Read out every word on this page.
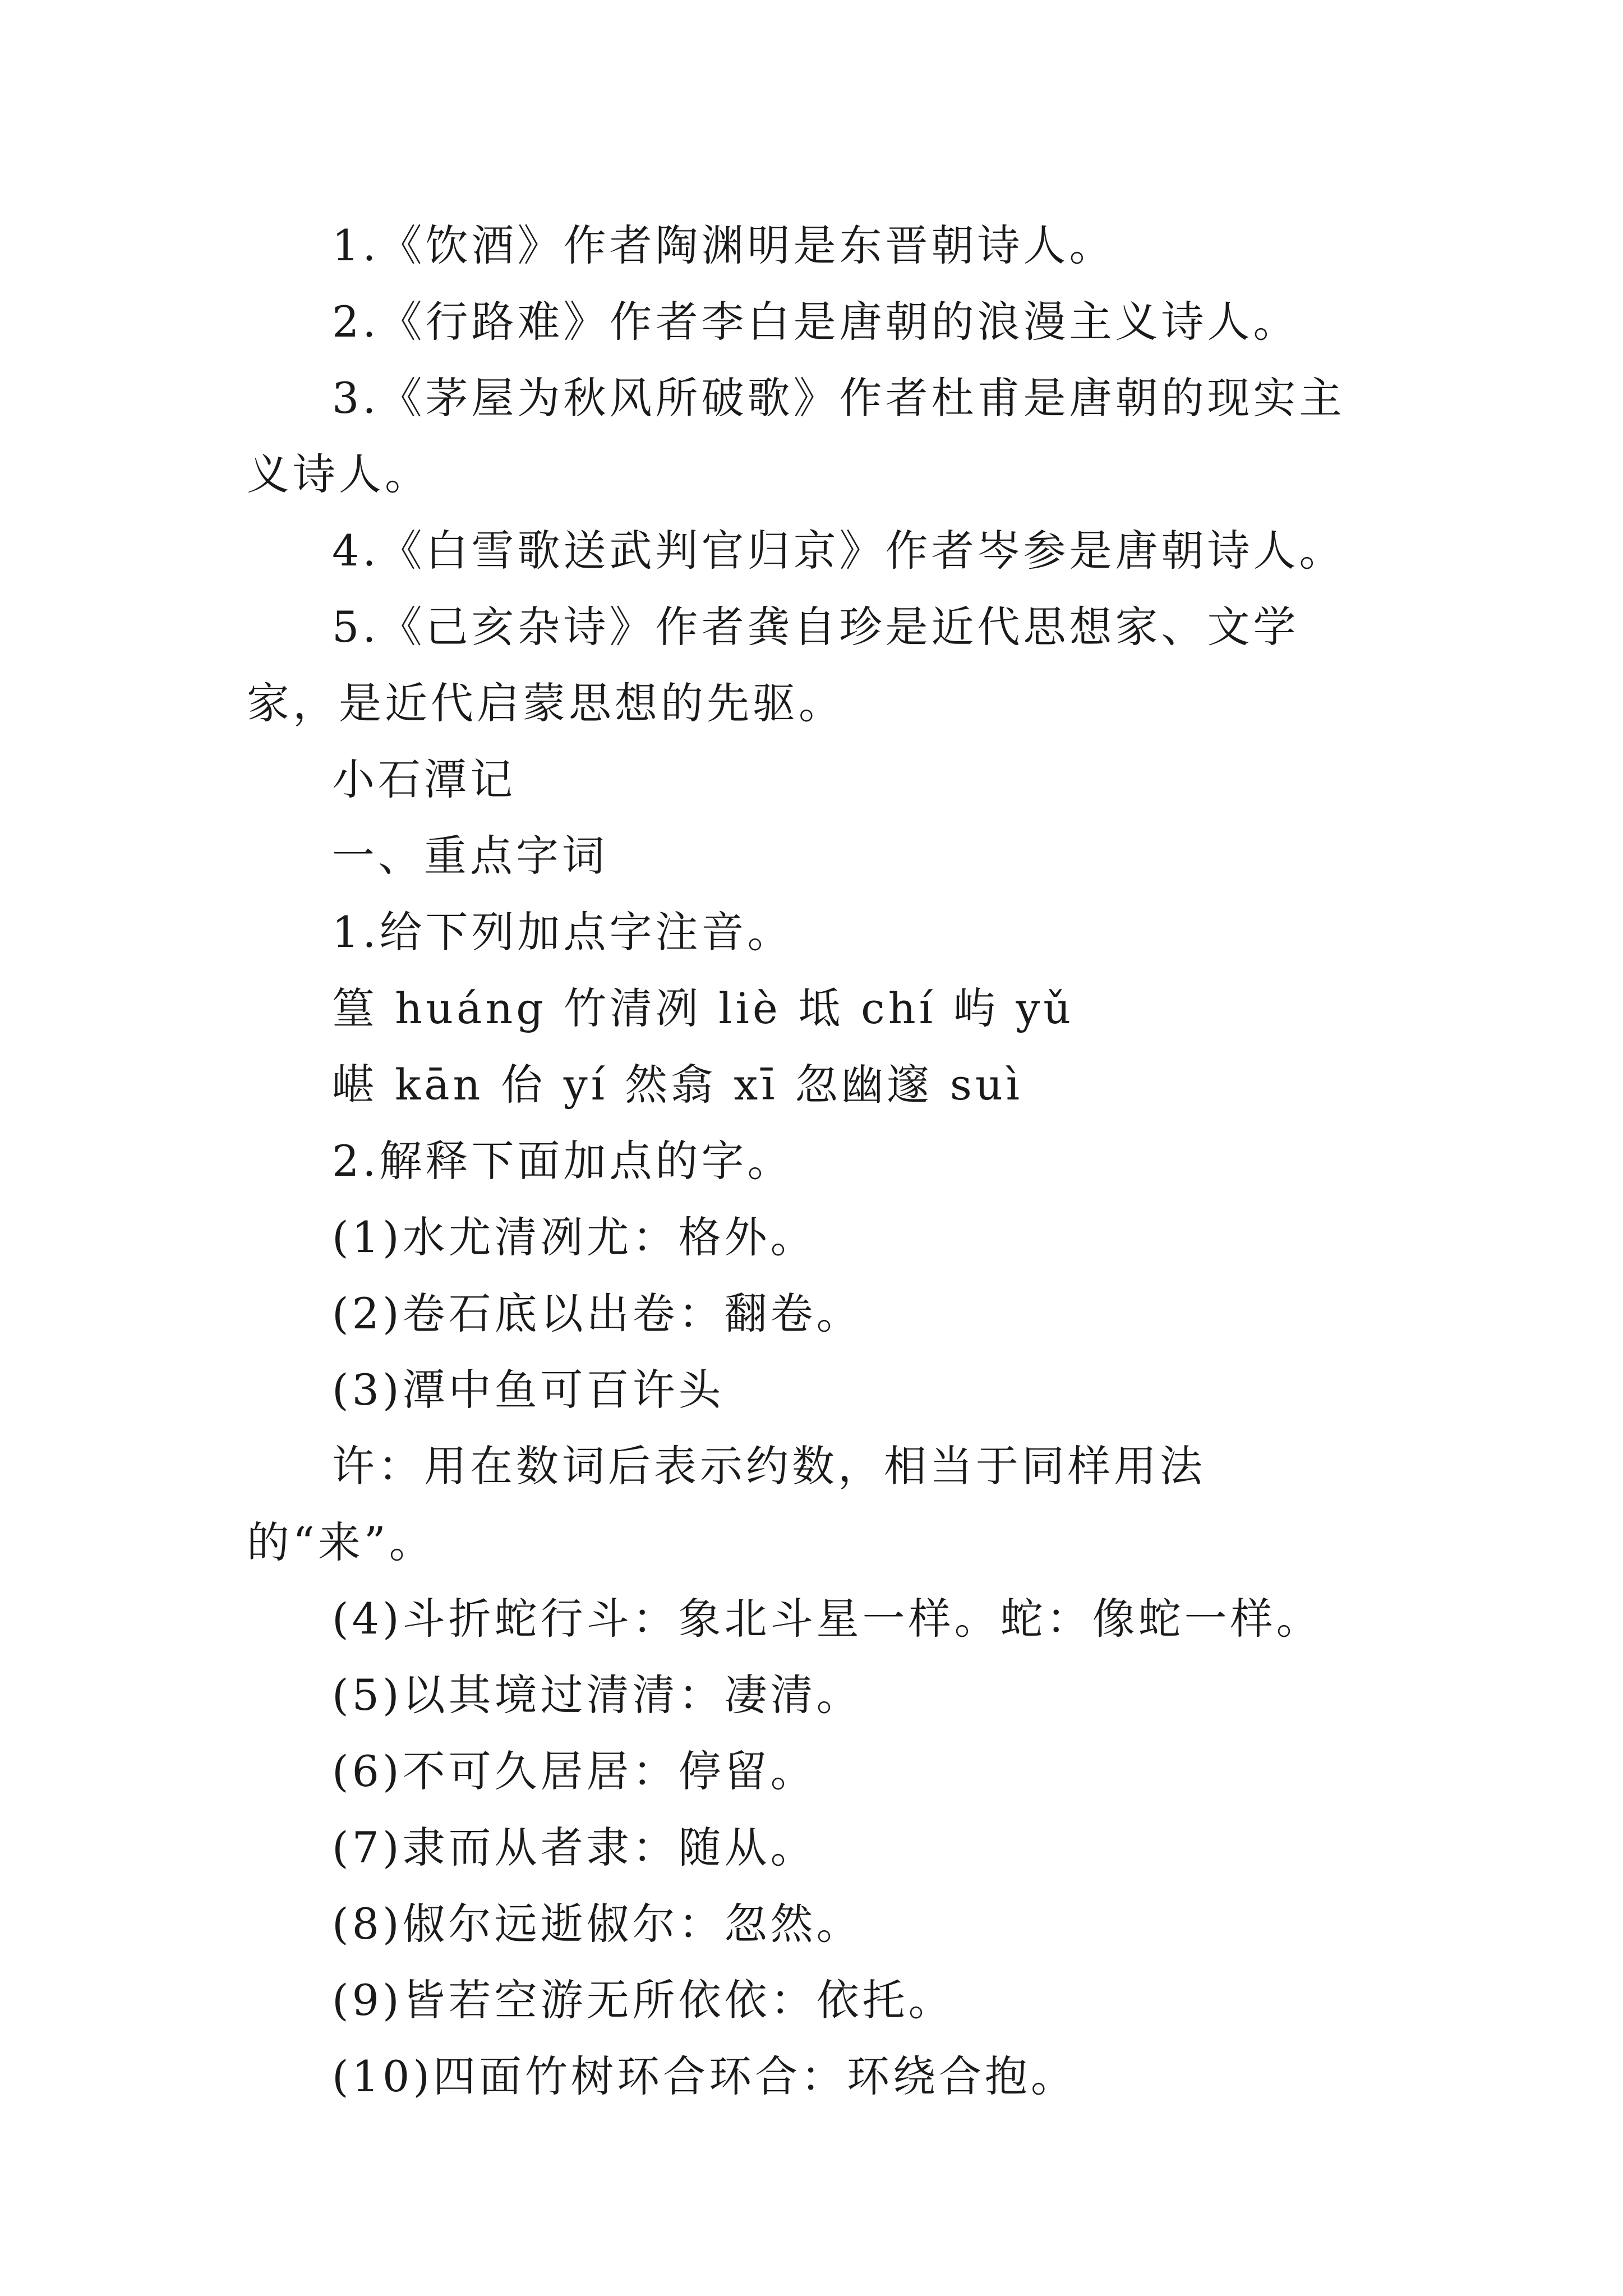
1.《饮酒》作者陶渊明是东晋朝诗人。

2.《行路难》作者李白是唐朝的浪漫主义诗人。

3.《茅屋为秋风所破歌》作者杜甫是唐朝的现实主义诗人。

4.《白雪歌送武判官归京》作者岑参是唐朝诗人。

5.《己亥杂诗》作者龚自珍是近代思想家、文学家，是近代启蒙思想的先驱。

小石潭记

一、重点字词

1.给下列加点字注音。

篁 huáng 竹清冽 liè 坻 chí 屿 yǔ

嵁 kān 佁 yí 然翕 xī 忽幽邃 suì

2.解释下面加点的字。

(1)水尤清冽尤：格外。

(2)卷石底以出卷：翻卷。

(3)潭中鱼可百许头

许：用在数词后表示约数，相当于同样用法的“来”。

(4)斗折蛇行斗：象北斗星一样。蛇：像蛇一样。

(5)以其境过清清：凄清。

(6)不可久居居：停留。

(7)隶而从者隶：随从。

(8)俶尔远逝俶尔：忽然。

(9)皆若空游无所依依：依托。

(10)四面竹树环合环合：环绕合抱。
